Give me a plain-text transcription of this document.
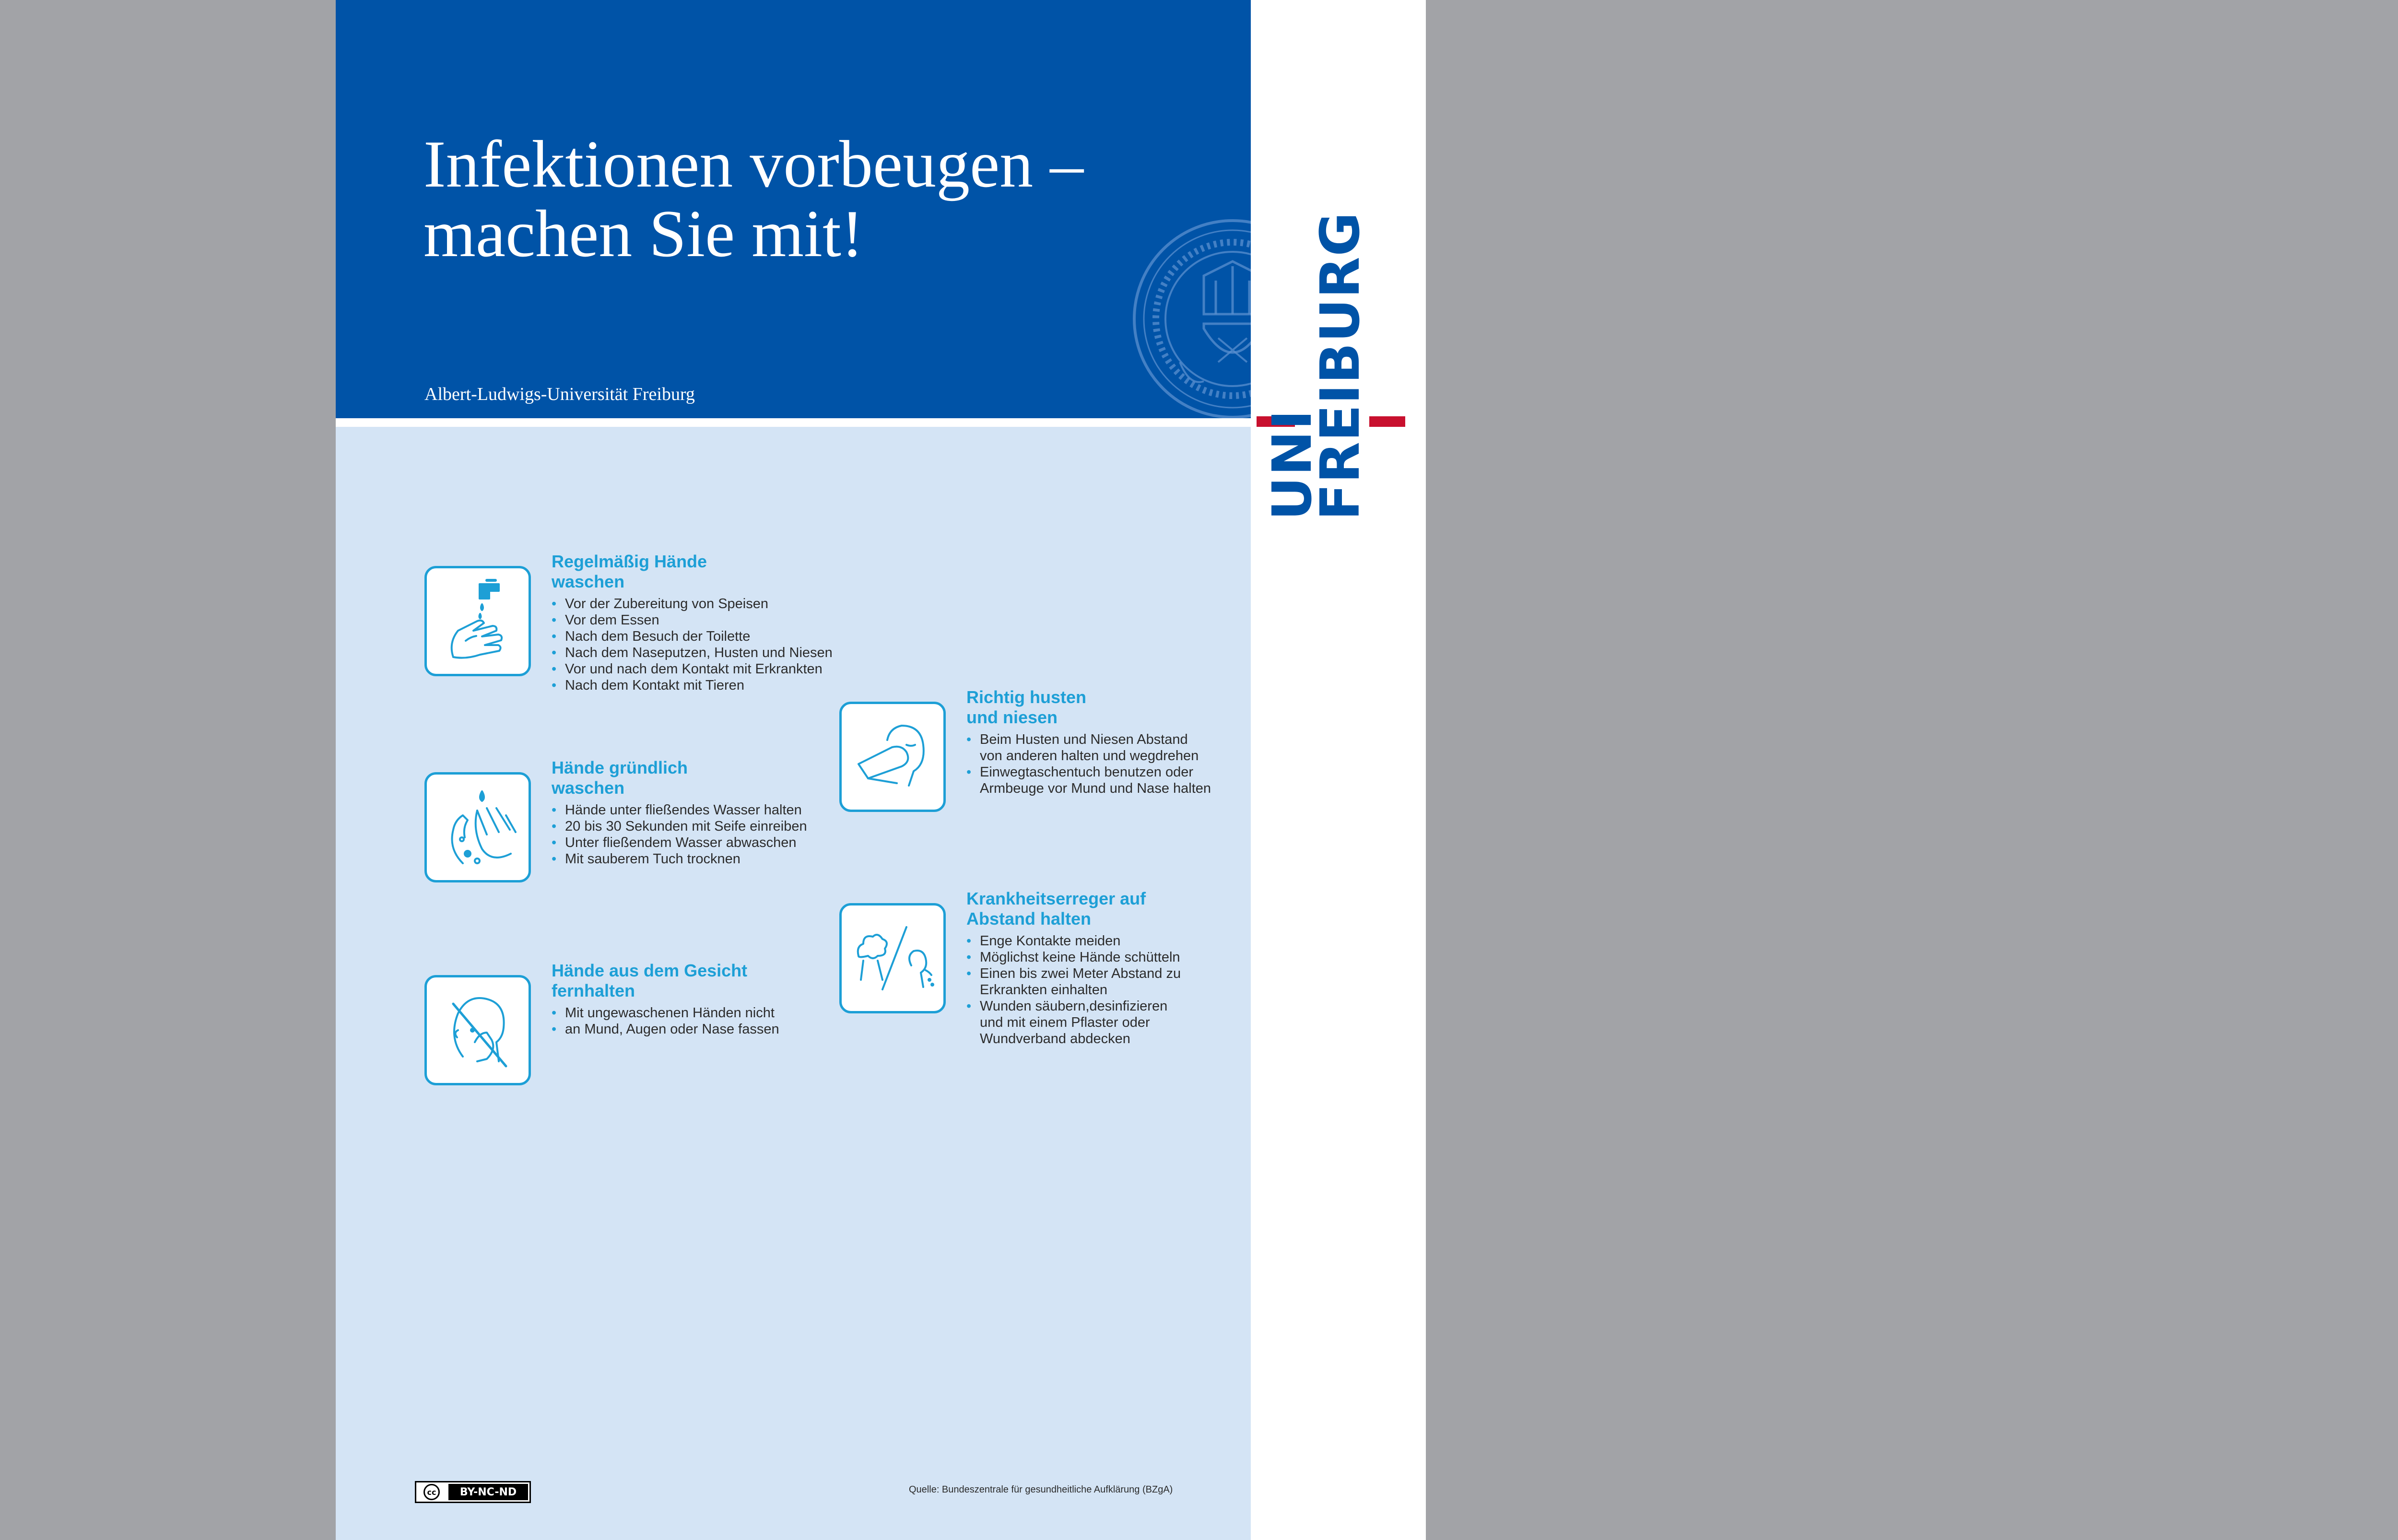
Infektionen vorbeugen –
machen Sie mit!
Albert-Ludwigs-Universität Freiburg
Regelmäßig Hände
waschen
• Vor der Zubereitung von Speisen
• Vor dem Essen
• Nach dem Besuch der Toilette
• Nach dem Naseputzen, Husten und Niesen
• Vor und nach dem Kontakt mit Erkrankten
• Nach dem Kontakt mit Tieren
Hände gründlich
waschen
• Hände unter fließendes Wasser halten
• 20 bis 30 Sekunden mit Seife einreiben
• Unter fließendem Wasser abwaschen
• Mit sauberem Tuch trocknen
Hände aus dem Gesicht
fernhalten
• Mit ungewaschenen Händen nicht
• an Mund, Augen oder Nase fassen
Richtig husten
und niesen
• Beim Husten und Niesen Abstand
von anderen halten und wegdrehen
• Einwegtaschentuch benutzen oder
Armbeuge vor Mund und Nase halten
Krankheitserreger auf
Abstand halten
• Enge Kontakte meiden
• Möglichst keine Hände schütteln
• Einen bis zwei Meter Abstand zu
Erkrankten einhalten
• Wunden säubern,desinfizieren
und mit einem Pflaster oder
Wundverband abdecken
cc	BY-NC-ND	Quelle: Bundeszentrale für gesundheitliche Aufklärung (BZgA)
UNI
FREIBURG
